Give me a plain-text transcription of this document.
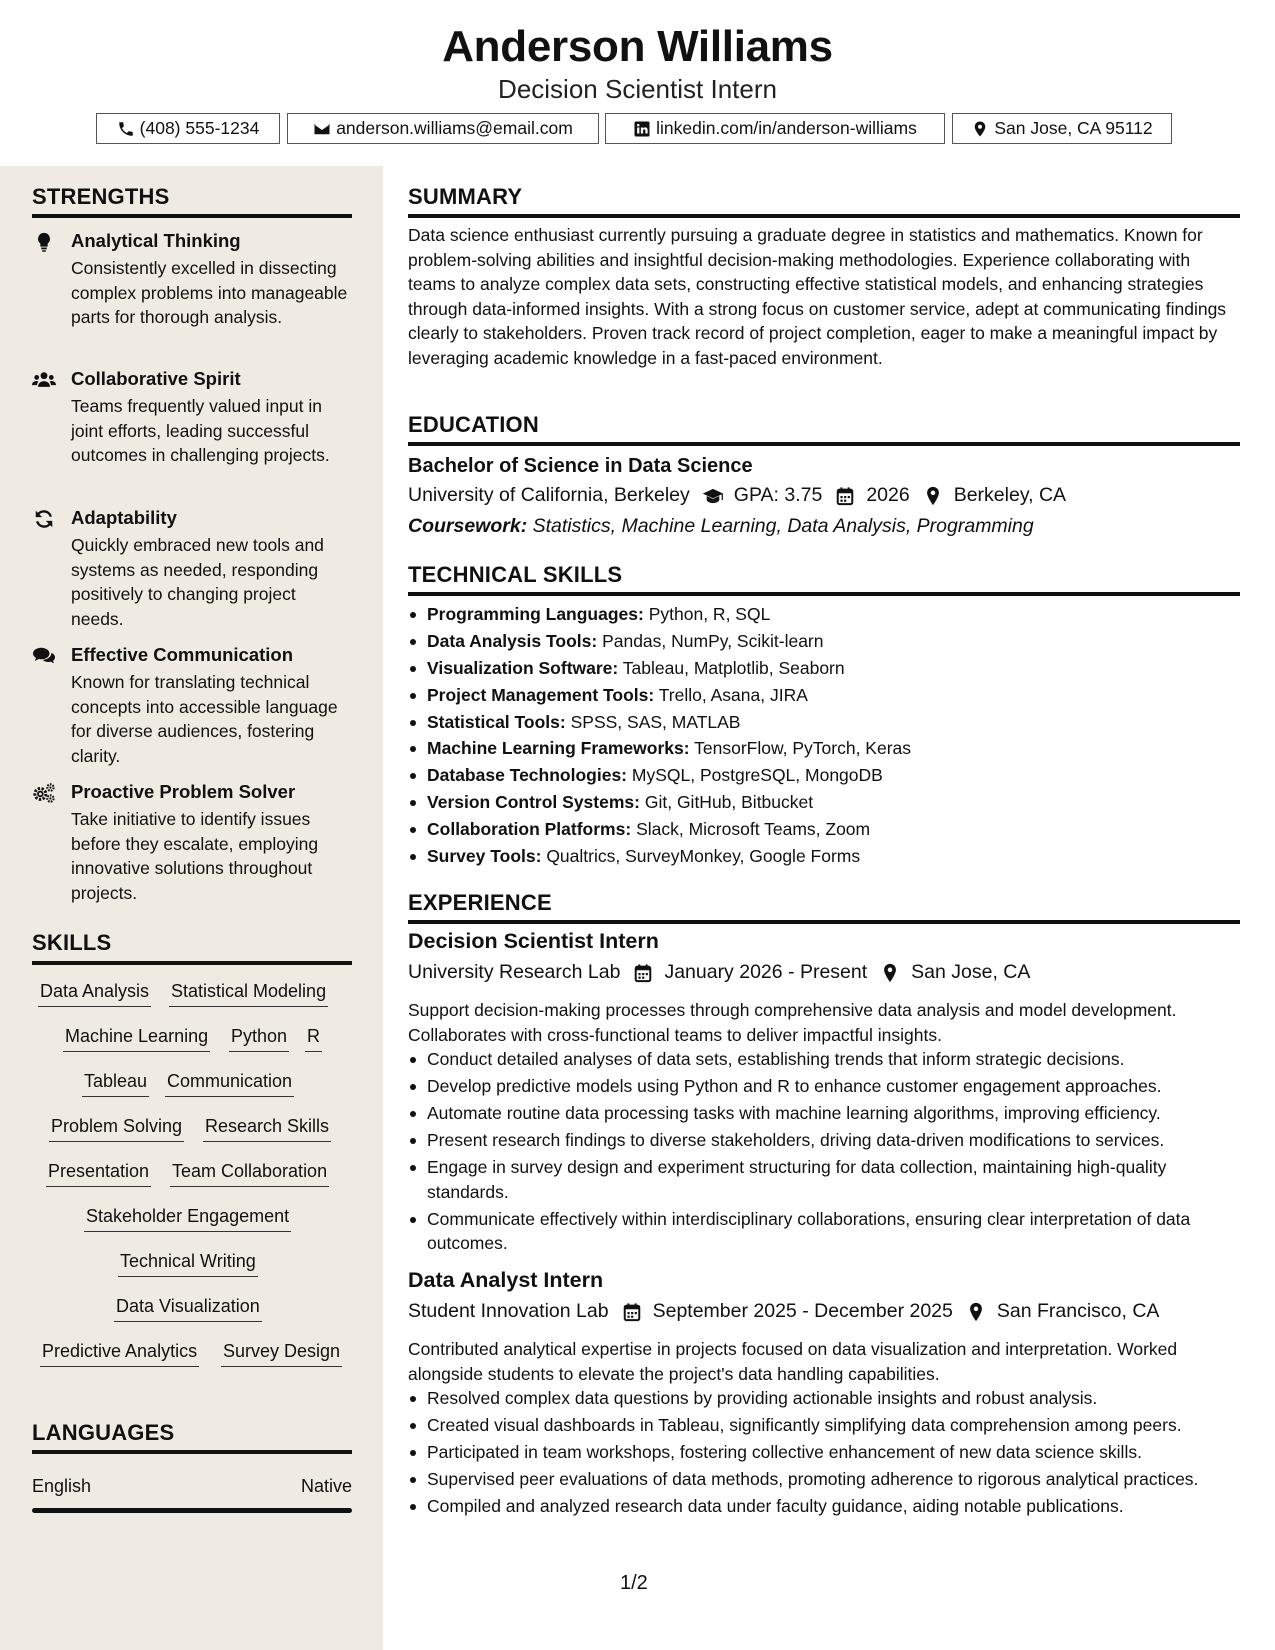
Anderson Williams
Decision Scientist Intern
(408) 555-1234	anderson.williams@email.com	linkedin.com/in/anderson-williams	San Jose, CA 95112
STRENGTHS
Analytical Thinking
Consistently excelled in dissecting complex problems into manageable parts for thorough analysis.
Collaborative Spirit
Teams frequently valued input in joint efforts, leading successful outcomes in challenging projects.
Adaptability
Quickly embraced new tools and systems as needed, responding positively to changing project needs.
Effective Communication
Known for translating technical concepts into accessible language for diverse audiences, fostering clarity.
Proactive Problem Solver
Take initiative to identify issues before they escalate, employing innovative solutions throughout projects.
SKILLS
Data Analysis Statistical Modeling
Machine Learning Python R
Tableau Communication
Problem Solving Research Skills
Presentation Team Collaboration
Stakeholder Engagement
Technical Writing
Data Visualization
Predictive Analytics Survey Design
LANGUAGES
English	Native
SUMMARY
Data science enthusiast currently pursuing a graduate degree in statistics and mathematics. Known for problem-solving abilities and insightful decision-making methodologies. Experience collaborating with teams to analyze complex data sets, constructing effective statistical models, and enhancing strategies through data-informed insights. With a strong focus on customer service, adept at communicating findings clearly to stakeholders. Proven track record of project completion, eager to make a meaningful impact by leveraging academic knowledge in a fast-paced environment.
EDUCATION
Bachelor of Science in Data Science
University of California, Berkeley GPA: 3.75 2026 Berkeley, CA
Coursework: Statistics, Machine Learning, Data Analysis, Programming
TECHNICAL SKILLS
Programming Languages: Python, R, SQL
Data Analysis Tools: Pandas, NumPy, Scikit-learn
Visualization Software: Tableau, Matplotlib, Seaborn
Project Management Tools: Trello, Asana, JIRA
Statistical Tools: SPSS, SAS, MATLAB
Machine Learning Frameworks: TensorFlow, PyTorch, Keras
Database Technologies: MySQL, PostgreSQL, MongoDB
Version Control Systems: Git, GitHub, Bitbucket
Collaboration Platforms: Slack, Microsoft Teams, Zoom
Survey Tools: Qualtrics, SurveyMonkey, Google Forms
EXPERIENCE
Decision Scientist Intern
University Research Lab January 2026 - Present San Jose, CA
Support decision-making processes through comprehensive data analysis and model development. Collaborates with cross-functional teams to deliver impactful insights.
Conduct detailed analyses of data sets, establishing trends that inform strategic decisions.
Develop predictive models using Python and R to enhance customer engagement approaches.
Automate routine data processing tasks with machine learning algorithms, improving efficiency.
Present research findings to diverse stakeholders, driving data-driven modifications to services.
Engage in survey design and experiment structuring for data collection, maintaining high-quality standards.
Communicate effectively within interdisciplinary collaborations, ensuring clear interpretation of data outcomes.
Data Analyst Intern
Student Innovation Lab September 2025 - December 2025 San Francisco, CA
Contributed analytical expertise in projects focused on data visualization and interpretation. Worked alongside students to elevate the project's data handling capabilities.
Resolved complex data questions by providing actionable insights and robust analysis.
Created visual dashboards in Tableau, significantly simplifying data comprehension among peers.
Participated in team workshops, fostering collective enhancement of new data science skills.
Supervised peer evaluations of data methods, promoting adherence to rigorous analytical practices.
Compiled and analyzed research data under faculty guidance, aiding notable publications.
1/2
